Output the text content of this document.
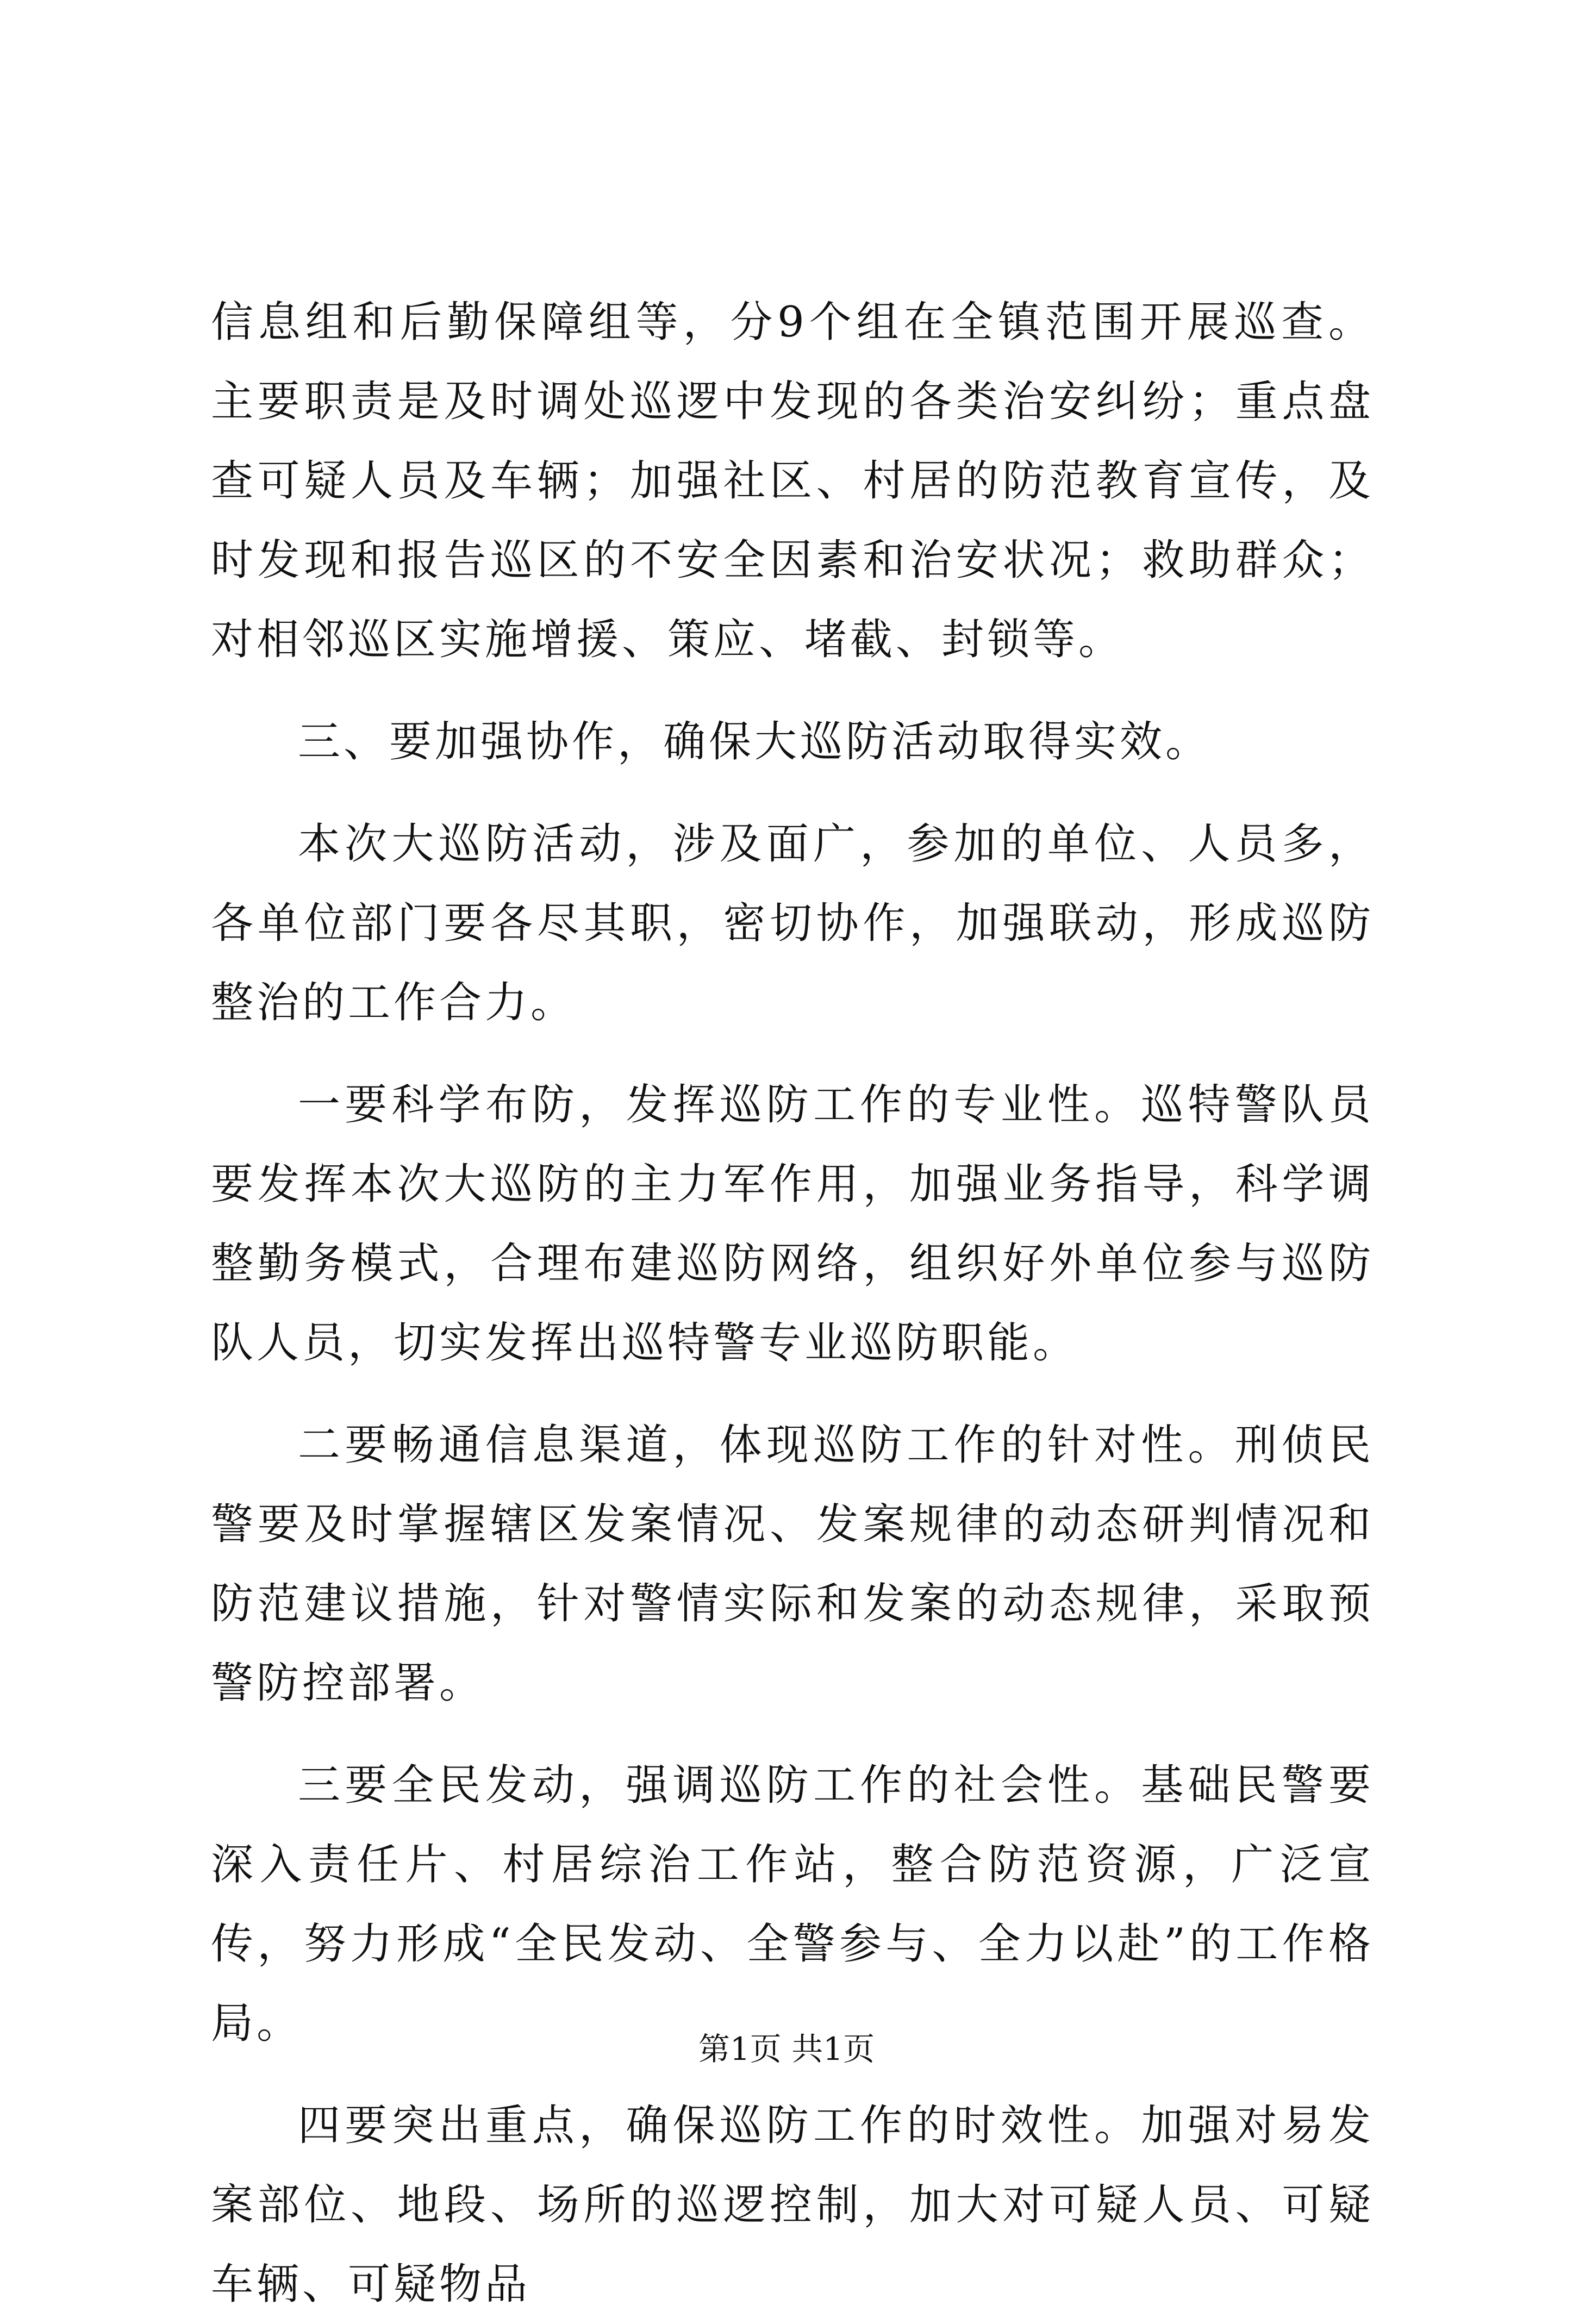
信息组和后勤保障组等，分9个组在全镇范围开展巡查。主要职责是及时调处巡逻中发现的各类治安纠纷；重点盘查可疑人员及车辆；加强社区、村居的防范教育宣传，及时发现和报告巡区的不安全因素和治安状况；救助群众；对相邻巡区实施增援、策应、堵截、封锁等。

三、要加强协作，确保大巡防活动取得实效。

本次大巡防活动，涉及面广，参加的单位、人员多，各单位部门要各尽其职，密切协作，加强联动，形成巡防整治的工作合力。

一要科学布防，发挥巡防工作的专业性。巡特警队员要发挥本次大巡防的主力军作用，加强业务指导，科学调整勤务模式，合理布建巡防网络，组织好外单位参与巡防队人员，切实发挥出巡特警专业巡防职能。

二要畅通信息渠道，体现巡防工作的针对性。刑侦民警要及时掌握辖区发案情况、发案规律的动态研判情况和防范建议措施，针对警情实际和发案的动态规律，采取预警防控部署。

三要全民发动，强调巡防工作的社会性。基础民警要深入责任片、村居综治工作站，整合防范资源，广泛宣传，努力形成“全民发动、全警参与、全力以赴”的工作格局。

四要突出重点，确保巡防工作的时效性。加强对易发案部位、地段、场所的巡逻控制，加大对可疑人员、可疑车辆、可疑物品

第1页 共1页
